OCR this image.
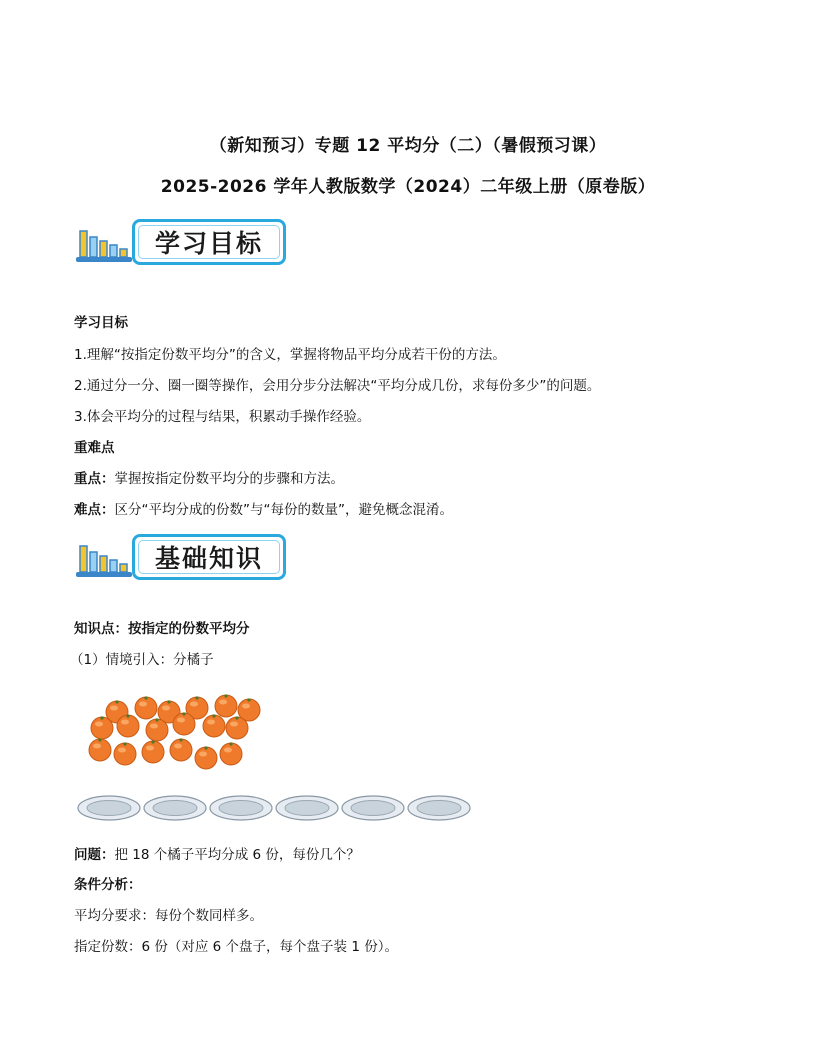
（新知预习）专题 12 平均分（二）（暑假预习课）
2025-2026 学年人教版数学（2024）二年级上册（原卷版）
学习目标
学习目标
1.理解“按指定份数平均分”的含义，掌握将物品平均分成若干份的方法。
2.通过分一分、圈一圈等操作，会用分步分法解决“平均分成几份，求每份多少”的问题。
3.体会平均分的过程与结果，积累动手操作经验。
重难点
重点：掌握按指定份数平均分的步骤和方法。
难点：区分“平均分成的份数”与“每份的数量”，避免概念混淆。
基础知识
知识点：按指定的份数平均分
（1）情境引入：分橘子
问题：把 18 个橘子平均分成 6 份，每份几个？
条件分析：
平均分要求：每份个数同样多。
指定份数：6 份（对应 6 个盘子，每个盘子装 1 份）。
